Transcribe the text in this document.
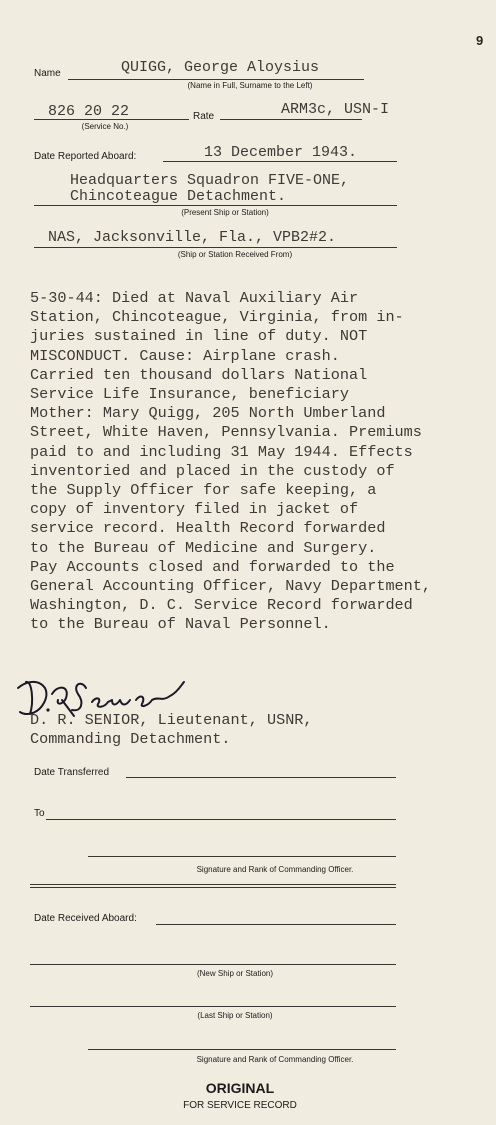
9
Name	QUIGG, George Aloysius
(Name in Full, Surname to the Left)
826 20 22
(Service No.)
Rate	ARM3c, USN-I
Date Reported Aboard:	13 December 1943.
Headquarters Squadron FIVE-ONE,
Chincoteague Detachment.
(Present Ship or Station)
NAS, Jacksonville, Fla., VPB2#2.
(Ship or Station Received From)
5-30-44: Died at Naval Auxiliary Air
Station, Chincoteague, Virginia, from in-
juries sustained in line of duty. NOT
MISCONDUCT. Cause: Airplane crash.
Carried ten thousand dollars National
Service Life Insurance, beneficiary
Mother: Mary Quigg, 205 North Umberland
Street, White Haven, Pennsylvania. Premiums
paid to and including 31 May 1944. Effects
inventoried and placed in the custody of
the Supply Officer for safe keeping, a
copy of inventory filed in jacket of
service record. Health Record forwarded
to the Bureau of Medicine and Surgery.
Pay Accounts closed and forwarded to the
General Accounting Officer, Navy Department,
Washington, D. C. Service Record forwarded
to the Bureau of Naval Personnel.
D. R. SENIOR, Lieutenant, USNR,
Commanding Detachment.
Date Transferred
To
Signature and Rank of Commanding Officer.
Date Received Aboard:
(New Ship or Station)
(Last Ship or Station)
Signature and Rank of Commanding Officer.
ORIGINAL
FOR SERVICE RECORD
